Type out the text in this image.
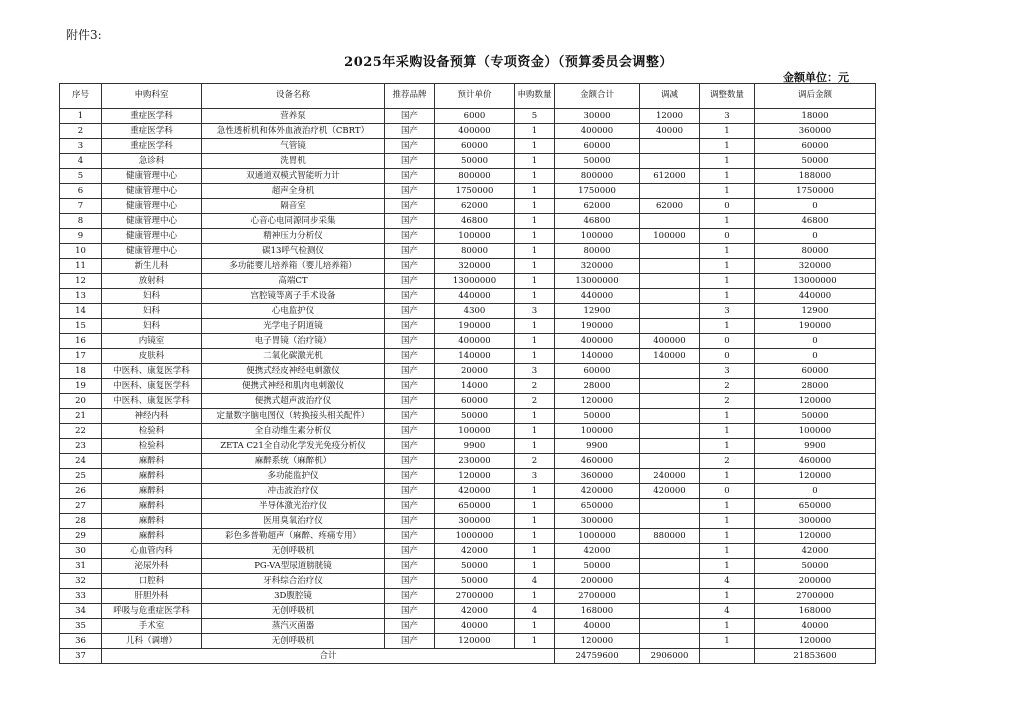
附件3:
2025年采购设备预算（专项资金）（预算委员会调整）
金额单位：元
序号	申购科室	设备名称	推荐品牌	预计单价	申购数量	金额合计	调减	调整数量	调后金额
1	重症医学科	营养泵	国产	6000	5	30000	12000	3	18000
2	重症医学科	急性透析机和体外血液治疗机（CBRT）	国产	400000	1	400000	40000	1	360000
3	重症医学科	气管镜	国产	60000	1	60000		1	60000
4	急诊科	洗胃机	国产	50000	1	50000		1	50000
5	健康管理中心	双通道双模式智能听力计	国产	800000	1	800000	612000	1	188000
6	健康管理中心	超声全身机	国产	1750000	1	1750000		1	1750000
7	健康管理中心	隔音室	国产	62000	1	62000	62000	0	0
8	健康管理中心	心音心电同源同步采集	国产	46800	1	46800		1	46800
9	健康管理中心	精神压力分析仪	国产	100000	1	100000	100000	0	0
10	健康管理中心	碳13呼气检测仪	国产	80000	1	80000		1	80000
11	新生儿科	多功能婴儿培养箱（婴儿培养箱）	国产	320000	1	320000		1	320000
12	放射科	高端CT	国产	13000000	1	13000000		1	13000000
13	妇科	宫腔镜等离子手术设备	国产	440000	1	440000		1	440000
14	妇科	心电监护仪	国产	4300	3	12900		3	12900
15	妇科	光学电子阴道镜	国产	190000	1	190000		1	190000
16	内镜室	电子胃镜（治疗镜）	国产	400000	1	400000	400000	0	0
17	皮肤科	二氧化碳激光机	国产	140000	1	140000	140000	0	0
18	中医科、康复医学科	便携式经皮神经电刺激仪	国产	20000	3	60000		3	60000
19	中医科、康复医学科	便携式神经和肌肉电刺激仪	国产	14000	2	28000		2	28000
20	中医科、康复医学科	便携式超声波治疗仪	国产	60000	2	120000		2	120000
21	神经内科	定量数字脑电图仪（转换接头相关配件）	国产	50000	1	50000		1	50000
22	检验科	全自动维生素分析仪	国产	100000	1	100000		1	100000
23	检验科	ZETA C21全自动化学发光免疫分析仪	国产	9900	1	9900		1	9900
24	麻醉科	麻醉系统（麻醉机）	国产	230000	2	460000		2	460000
25	麻醉科	多功能监护仪	国产	120000	3	360000	240000	1	120000
26	麻醉科	冲击波治疗仪	国产	420000	1	420000	420000	0	0
27	麻醉科	半导体激光治疗仪	国产	650000	1	650000		1	650000
28	麻醉科	医用臭氧治疗仪	国产	300000	1	300000		1	300000
29	麻醉科	彩色多普勒超声（麻醉、疼痛专用）	国产	1000000	1	1000000	880000	1	120000
30	心血管内科	无创呼吸机	国产	42000	1	42000		1	42000
31	泌尿外科	PG-VA型尿道膀胱镜	国产	50000	1	50000		1	50000
32	口腔科	牙科综合治疗仪	国产	50000	4	200000		4	200000
33	肝胆外科	3D腹腔镜	国产	2700000	1	2700000		1	2700000
34	呼吸与危重症医学科	无创呼吸机	国产	42000	4	168000		4	168000
35	手术室	蒸汽灭菌器	国产	40000	1	40000		1	40000
36	儿科（调增）	无创呼吸机	国产	120000	1	120000		1	120000
37	合计					24759600	2906000		21853600
